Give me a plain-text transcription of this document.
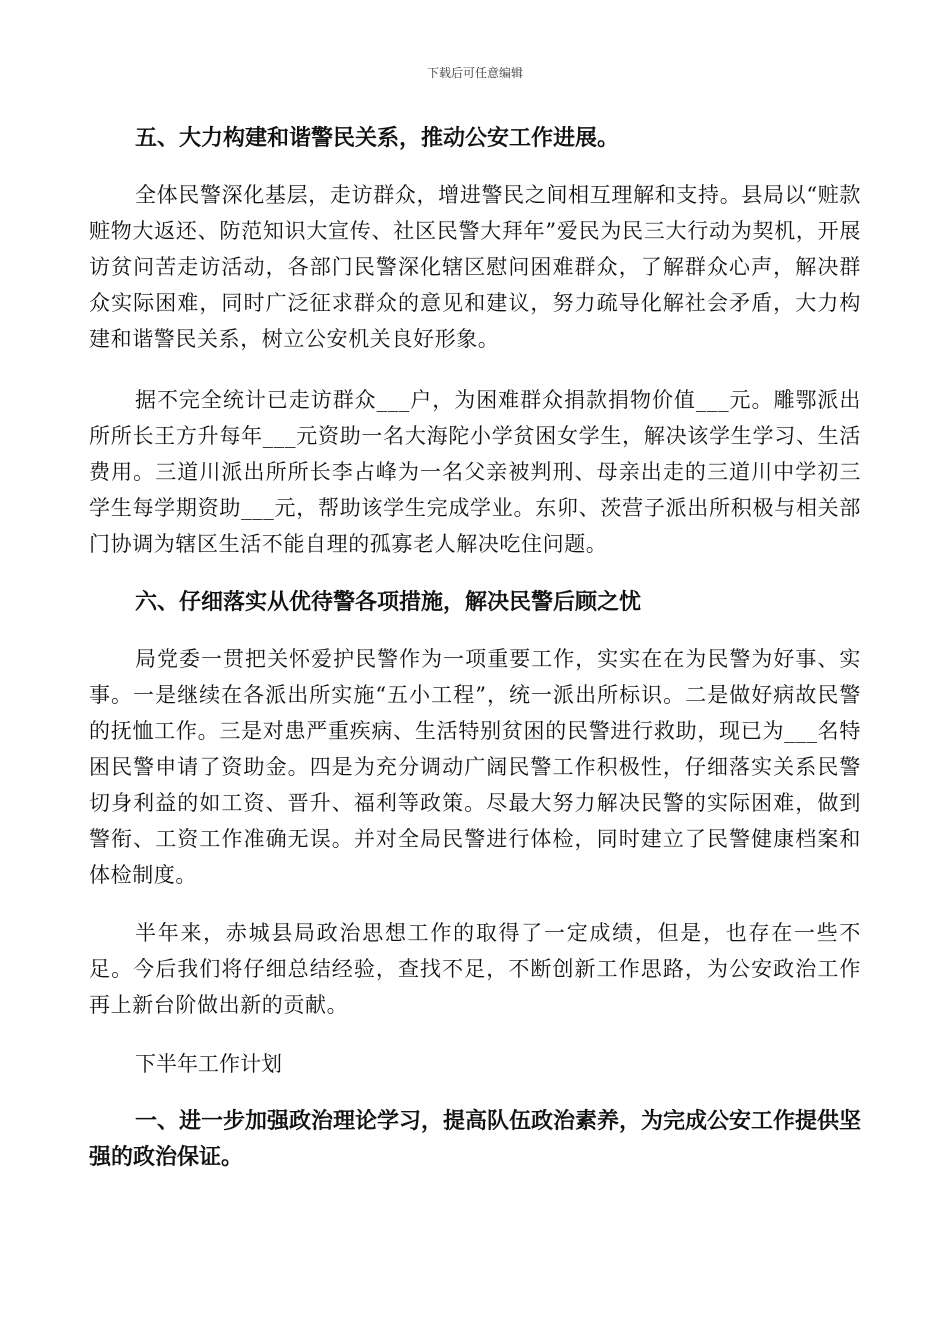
下载后可任意编辑

五、大力构建和谐警民关系，推动公安工作进展。

全体民警深化基层，走访群众，增进警民之间相互理解和支持。县局以“赃款赃物大返还、防范知识大宣传、社区民警大拜年”爱民为民三大行动为契机，开展访贫问苦走访活动，各部门民警深化辖区慰问困难群众，了解群众心声，解决群众实际困难，同时广泛征求群众的意见和建议，努力疏导化解社会矛盾，大力构建和谐警民关系，树立公安机关良好形象。

据不完全统计已走访群众___户，为困难群众捐款捐物价值___元。雕鄂派出所所长王方升每年___元资助一名大海陀小学贫困女学生，解决该学生学习、生活费用。三道川派出所所长李占峰为一名父亲被判刑、母亲出走的三道川中学初三学生每学期资助___元，帮助该学生完成学业。东卯、茨营子派出所积极与相关部门协调为辖区生活不能自理的孤寡老人解决吃住问题。

六、仔细落实从优待警各项措施，解决民警后顾之忧

局党委一贯把关怀爱护民警作为一项重要工作，实实在在为民警为好事、实事。一是继续在各派出所实施“五小工程”，统一派出所标识。二是做好病故民警的抚恤工作。三是对患严重疾病、生活特别贫困的民警进行救助，现已为___名特困民警申请了资助金。四是为充分调动广阔民警工作积极性，仔细落实关系民警切身利益的如工资、晋升、福利等政策。尽最大努力解决民警的实际困难，做到警衔、工资工作准确无误。并对全局民警进行体检，同时建立了民警健康档案和体检制度。

半年来，赤城县局政治思想工作的取得了一定成绩，但是，也存在一些不足。今后我们将仔细总结经验，查找不足，不断创新工作思路，为公安政治工作再上新台阶做出新的贡献。

下半年工作计划

一、进一步加强政治理论学习，提高队伍政治素养，为完成公安工作提供坚强的政治保证。
